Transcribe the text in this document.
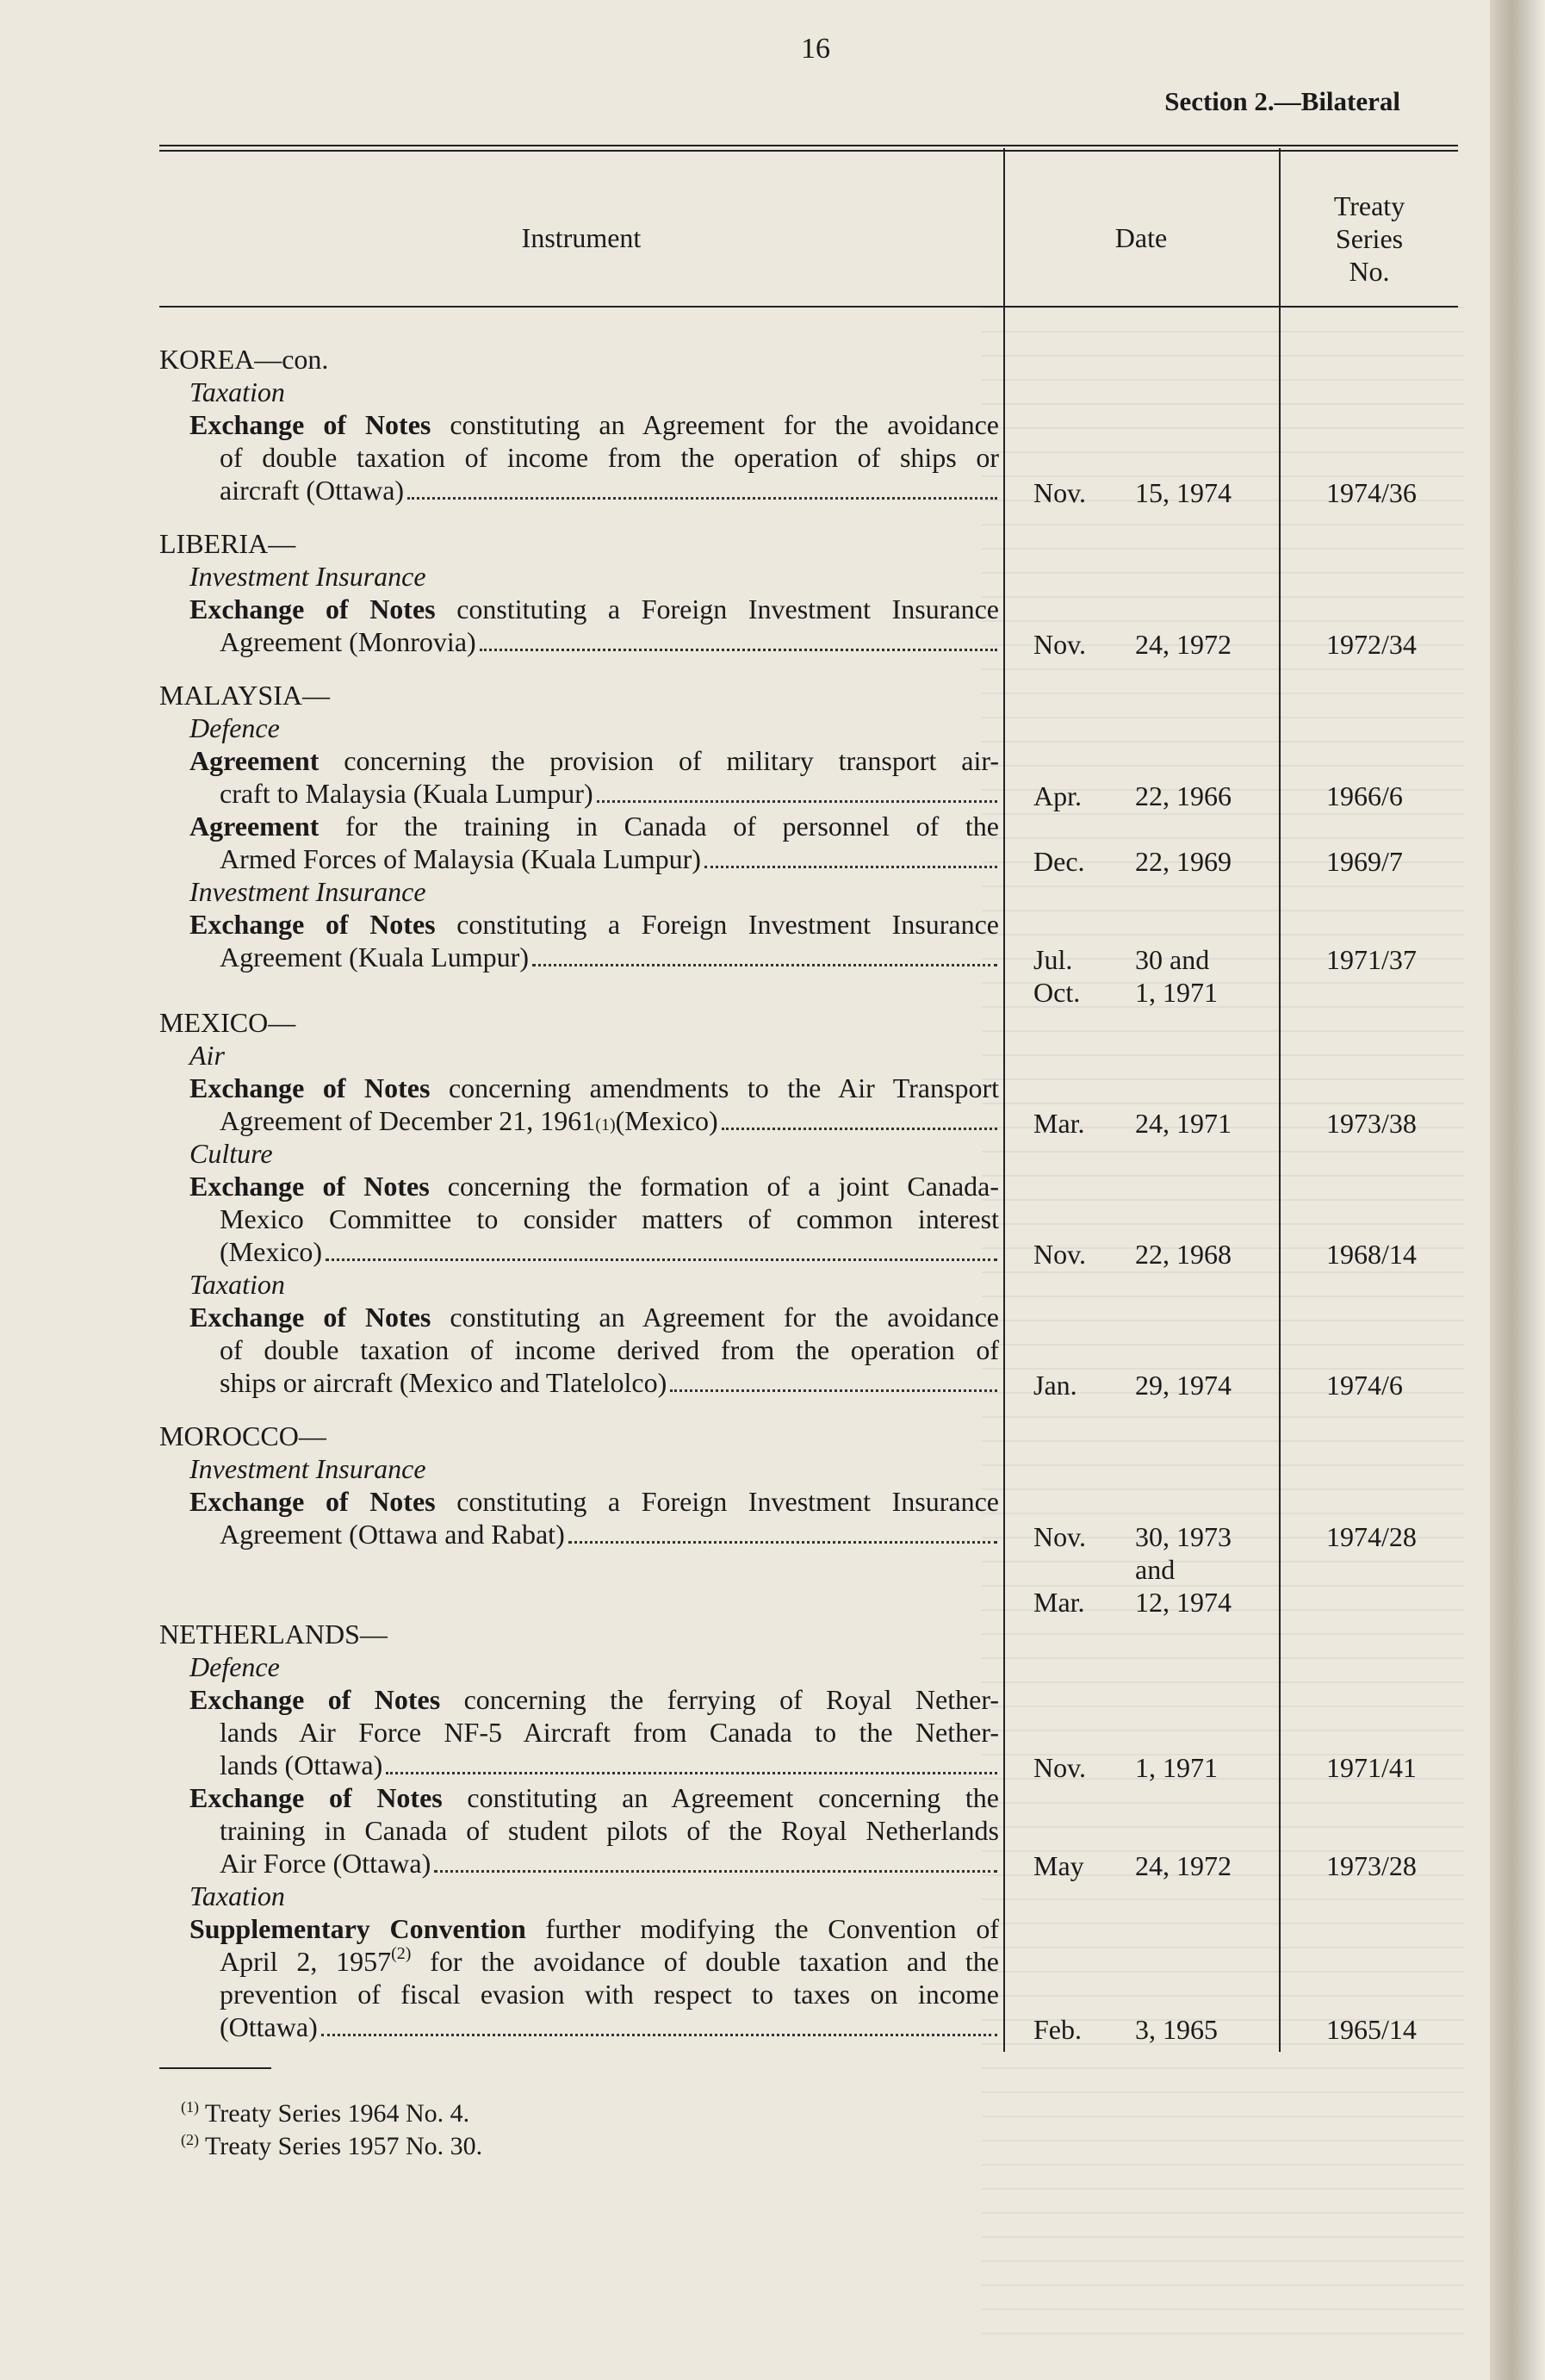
16
Section 2.—Bilateral
Instrument	Date
Treaty
Series
No.
KOREA—con.
Taxation
Exchange of Notes constituting an Agreement for the avoidance
of double taxation of income from the operation of ships or
aircraft (Ottawa)	Nov. 15, 1974	1974/36
LIBERIA—
Investment Insurance
Exchange of Notes constituting a Foreign Investment Insurance
Agreement (Monrovia)	Nov. 24, 1972	1972/34
MALAYSIA—
Defence
Agreement concerning the provision of military transport air-
craft to Malaysia (Kuala Lumpur)	Apr. 22, 1966	1966/6
Agreement for the training in Canada of personnel of the
Armed Forces of Malaysia (Kuala Lumpur)	Dec. 22, 1969	1969/7
Investment Insurance
Exchange of Notes constituting a Foreign Investment Insurance
Agreement (Kuala Lumpur)	Jul. 30 and	1971/37
Oct. 1, 1971
MEXICO—
Air
Exchange of Notes concerning amendments to the Air Transport
Agreement of December 21, 1961 (1) (Mexico)	Mar. 24, 1971	1973/38
Culture
Exchange of Notes concerning the formation of a joint Canada-
Mexico Committee to consider matters of common interest
(Mexico)	Nov. 22, 1968	1968/14
Taxation
Exchange of Notes constituting an Agreement for the avoidance
of double taxation of income derived from the operation of
ships or aircraft (Mexico and Tlatelolco)	Jan. 29, 1974	1974/6
MOROCCO—
Investment Insurance
Exchange of Notes constituting a Foreign Investment Insurance
Agreement (Ottawa and Rabat)	Nov. 30, 1973	1974/28
and
Mar. 12, 1974
NETHERLANDS—
Defence
Exchange of Notes concerning the ferrying of Royal Nether-
lands Air Force NF-5 Aircraft from Canada to the Nether-
lands (Ottawa)	Nov. 1, 1971	1971/41
Exchange of Notes constituting an Agreement concerning the
training in Canada of student pilots of the Royal Netherlands
Air Force (Ottawa)	May 24, 1972	1973/28
Taxation
Supplementary Convention further modifying the Convention of
April 2, 1957$^{(2)}$ for the avoidance of double taxation and the
prevention of fiscal evasion with respect to taxes on income
(Ottawa)	Feb. 3, 1965	1965/14
$^{(1)}$ Treaty Series 1964 No. 4.
$^{(2)}$ Treaty Series 1957 No. 30.
